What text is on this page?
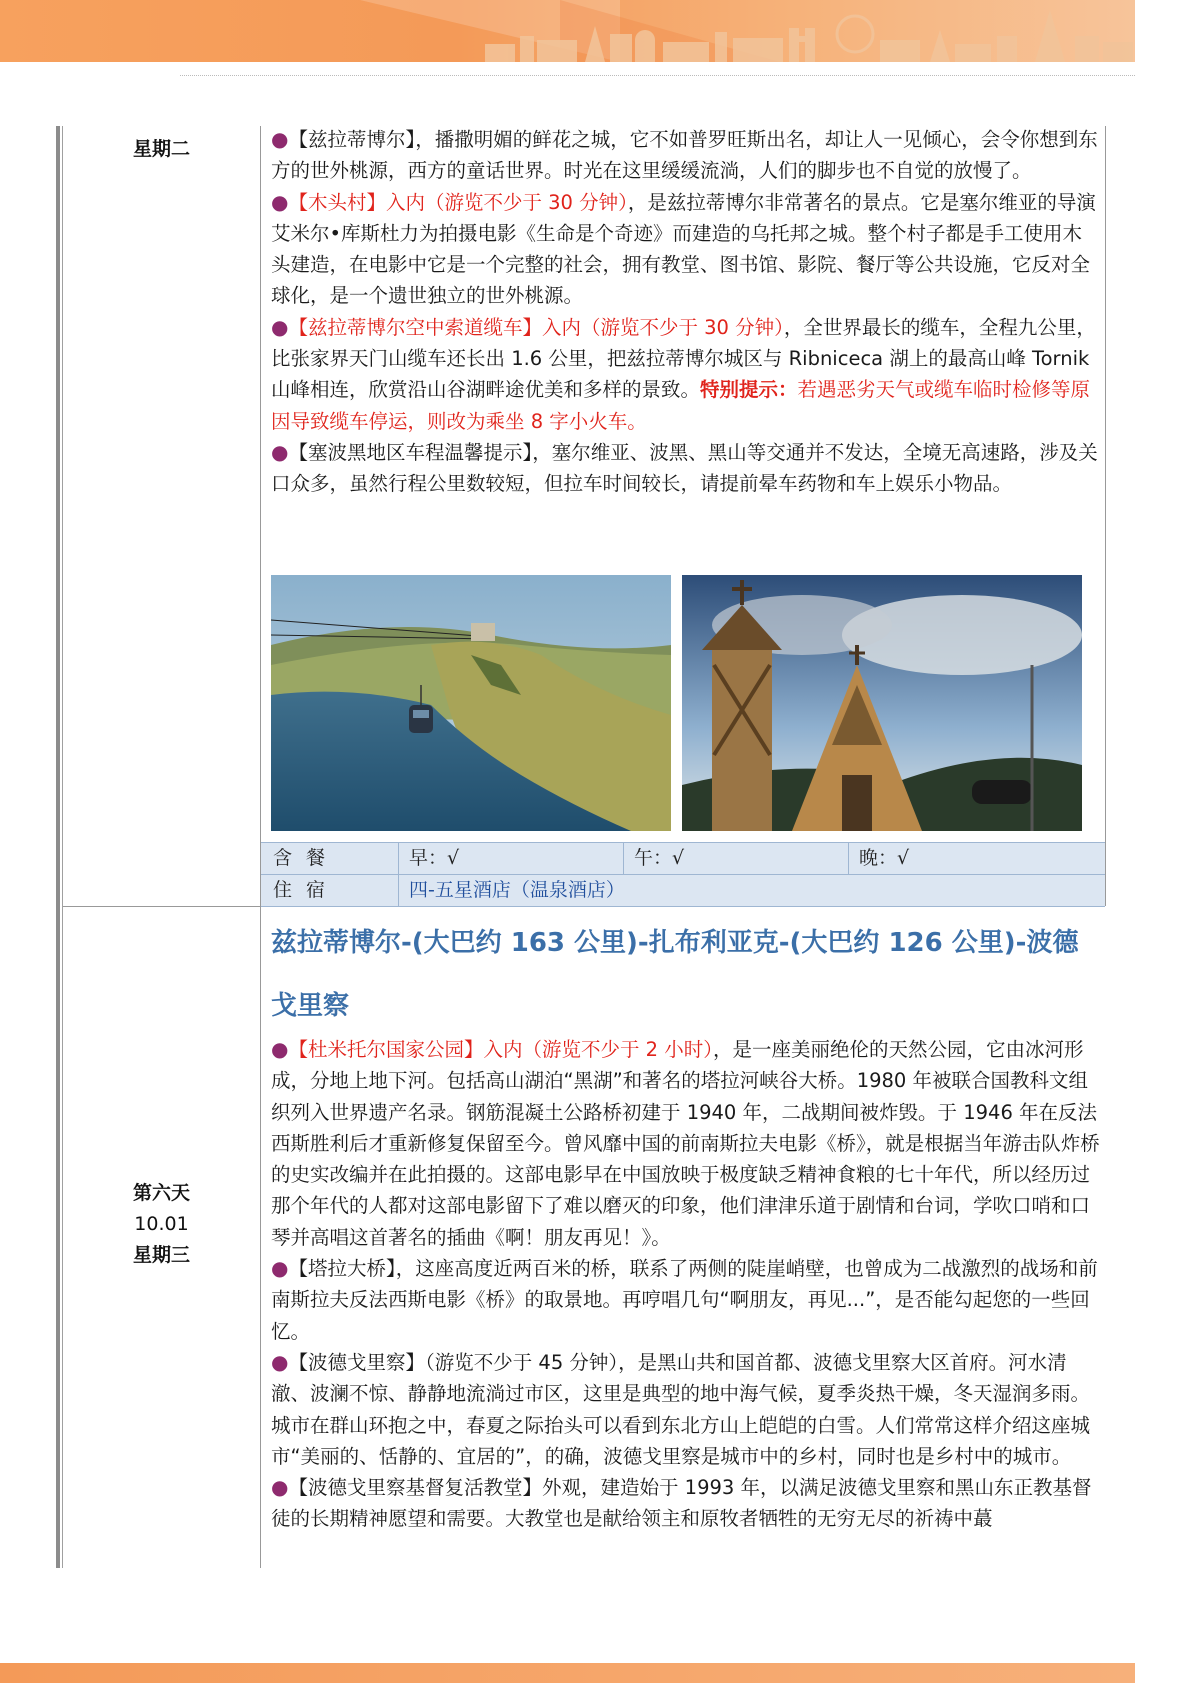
星期二
第六天
10.01
星期三

●【兹拉蒂博尔】，播撒明媚的鲜花之城，它不如普罗旺斯出名，却让人一见倾心，会令你想到东方的世外桃源，西方的童话世界。时光在这里缓缓流淌，人们的脚步也不自觉的放慢了。

●【木头村】入内（游览不少于 30 分钟），是兹拉蒂博尔非常著名的景点。它是塞尔维亚的导演艾米尔•库斯杜力为拍摄电影《生命是个奇迹》而建造的乌托邦之城。整个村子都是手工使用木头建造，在电影中它是一个完整的社会，拥有教堂、图书馆、影院、餐厅等公共设施，它反对全球化，是一个遗世独立的世外桃源。

●【兹拉蒂博尔空中索道缆车】入内（游览不少于 30 分钟），全世界最长的缆车，全程九公里，比张家界天门山缆车还长出 1.6 公里，把兹拉蒂博尔城区与 Ribniceca 湖上的最高山峰 Tornik 山峰相连，欣赏沿山谷湖畔途优美和多样的景致。特别提示：若遇恶劣天气或缆车临时检修等原因导致缆车停运，则改为乘坐 8 字小火车。

●【塞波黑地区车程温馨提示】，塞尔维亚、波黑、黑山等交通并不发达，全境无高速路，涉及关口众多，虽然行程公里数较短，但拉车时间较长，请提前晕车药物和车上娱乐小物品。

含餐	早：√	午：√	晚：√
住宿	四-五星酒店（温泉酒店）
兹拉蒂博尔-(大巴约 163 公里)-扎布利亚克-(大巴约 126 公里)-波德戈里察

●【杜米托尔国家公园】入内（游览不少于 2 小时），是一座美丽绝伦的天然公园，它由冰河形成，分地上地下河。包括高山湖泊“黑湖”和著名的塔拉河峡谷大桥。1980 年被联合国教科文组织列入世界遗产名录。钢筋混凝土公路桥初建于 1940 年，二战期间被炸毁。于 1946 年在反法西斯胜利后才重新修复保留至今。曾风靡中国的前南斯拉夫电影《桥》，就是根据当年游击队炸桥的史实改编并在此拍摄的。这部电影早在中国放映于极度缺乏精神食粮的七十年代，所以经历过那个年代的人都对这部电影留下了难以磨灭的印象，他们津津乐道于剧情和台词，学吹口哨和口琴并高唱这首著名的插曲《啊！朋友再见！》。

●【塔拉大桥】，这座高度近两百米的桥，联系了两侧的陡崖峭壁，也曾成为二战激烈的战场和前南斯拉夫反法西斯电影《桥》的取景地。再哼唱几句“啊朋友，再见...”，是否能勾起您的一些回忆。

●【波德戈里察】（游览不少于 45 分钟），是黑山共和国首都、波德戈里察大区首府。河水清澈、波澜不惊、静静地流淌过市区，这里是典型的地中海气候，夏季炎热干燥，冬天湿润多雨。城市在群山环抱之中，春夏之际抬头可以看到东北方山上皑皑的白雪。人们常常这样介绍这座城市“美丽的、恬静的、宜居的”，的确，波德戈里察是城市中的乡村，同时也是乡村中的城市。

●【波德戈里察基督复活教堂】外观，建造始于 1993 年，以满足波德戈里察和黑山东正教基督徒的长期精神愿望和需要。大教堂也是献给领主和原牧者牺牲的无穷无尽的祈祷中蕞
